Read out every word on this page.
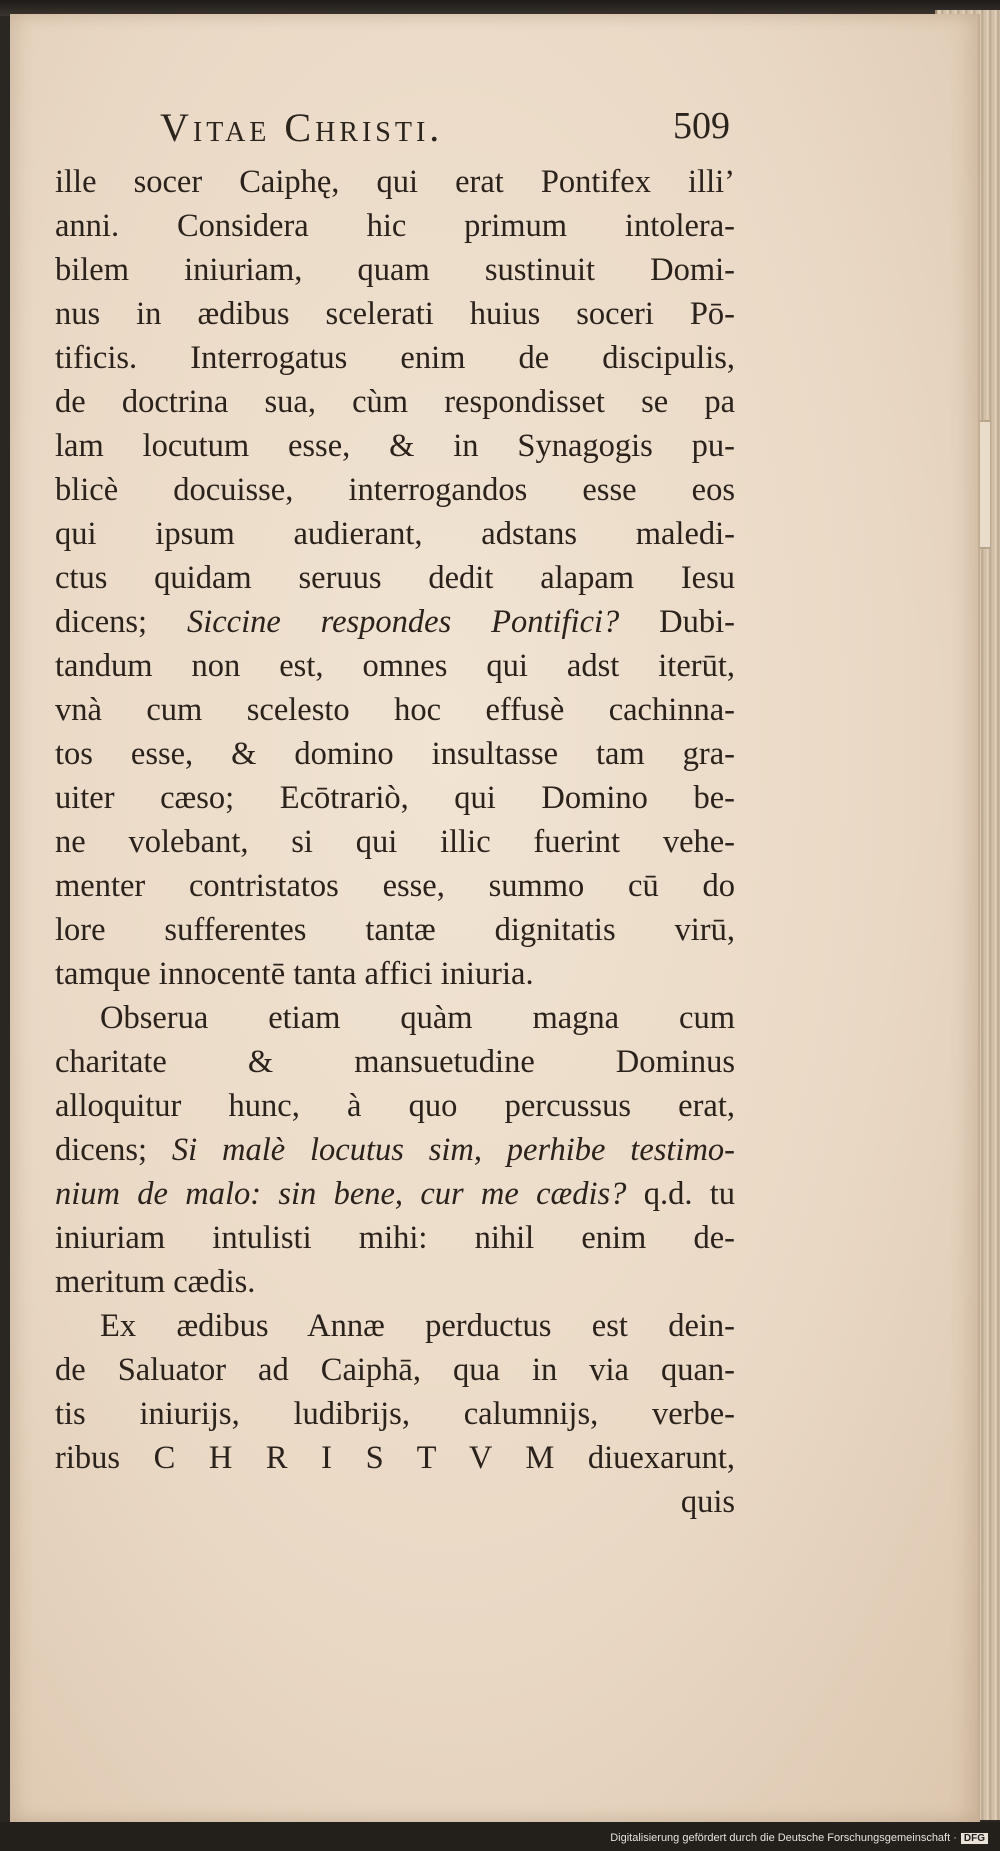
Vitae Christi.	509
ille socer Caiphę, qui erat Pontifex illi’
anni. Considera hic primum intolera-
bilem iniuriam, quam sustinuit Domi-
nus in ædibus scelerati huius soceri Pō-
tificis. Interrogatus enim de discipulis,
de doctrina sua, cùm respondisset se pa
lam locutum esse, & in Synagogis pu-
blicè docuisse, interrogandos esse eos
qui ipsum audierant, adstans maledi-
ctus quidam seruus dedit alapam Iesu
dicens; Siccine respondes Pontifici? Dubi-
tandum non est, omnes qui adst iterūt,
vnà cum scelesto hoc effusè cachinna-
tos esse, & domino insultasse tam gra-
uiter cæso; Ecōtrariò, qui Domino be-
ne volebant, si qui illic fuerint vehe-
menter contristatos esse, summo cū do
lore sufferentes tantæ dignitatis virū,
tamque innocentē tanta affici iniuria.
Obserua etiam quàm magna cum
charitate & mansuetudine Dominus
alloquitur hunc, à quo percussus erat,
dicens; Si malè locutus sim, perhibe testimo-
nium de malo: sin bene, cur me cædis? q.d. tu
iniuriam intulisti mihi: nihil enim de-
meritum cædis.
Ex ædibus Annæ perductus est dein-
de Saluator ad Caiphā, qua in via quan-
tis iniurijs, ludibrijs, calumnijs, verbe-
ribus C H R I S T V M diuexarunt,
quis
Digitalisierung gefördert durch die Deutsche Forschungsgemeinschaft · DFG
